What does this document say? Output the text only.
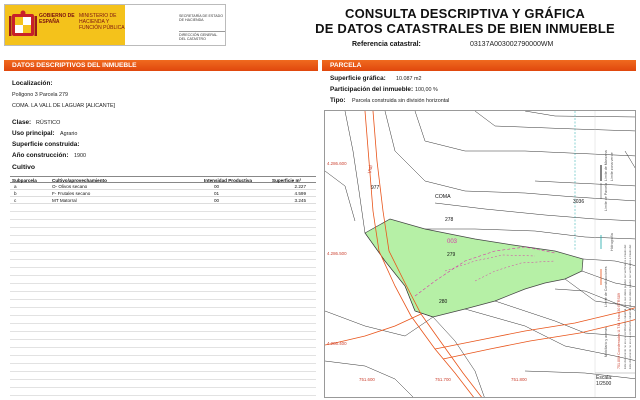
GOBIERNO DE ESPAÑA
MINISTERIO DE HACIENDA Y FUNCIÓN PÚBLICA
SECRETARÍA DE ESTADO DE HACIENDA
DIRECCIÓN GENERAL DEL CATASTRO
CONSULTA DESCRIPTIVA Y GRÁFICA
DE DATOS CATASTRALES DE BIEN INMUEBLE
Referencia catastral:	03137A003002790000WM
DATOS DESCRIPTIVOS DEL INMUEBLE
Localización:
Polígono 3 Parcela 279
COMA. LA VALL DE LAGUAR [ALICANTE]
Clase: RÚSTICO
Uso principal: Agrario
Superficie construida:
Año construcción: 1900
Cultivo
Subparcela	Cultivo/aprovechamiento	Intensidad Productiva	Superficie m²
a	O- Olivos secano	00	2.227
b	F- Frutales secano	01	4.599
c	MT Matorral	00	3.245
PARCELA
Superficie gráfica: 10.087 m2
Participación del inmueble: 100,00 %
Tipo: Parcela construida sin división horizontal
Vial
977
COMA
278
279
003
280
3036
4.286.600
4.286.500
4.286.400
751.600	751.700	751.800
Límite de Manzana
Límite de Parcela
Límite de Construcciones
Mobiliario y aceras
Límite zona verde
Hidrografía
751.800 Coordenadas U.T.M. Huso 30 ETRS89 Este documento no es una certificación catastral, pero sus datos pueden ser verificados a través del Este documento no es una certificación catastral, pero sus datos pueden ser verificados a través del
Escala:
1/2500
